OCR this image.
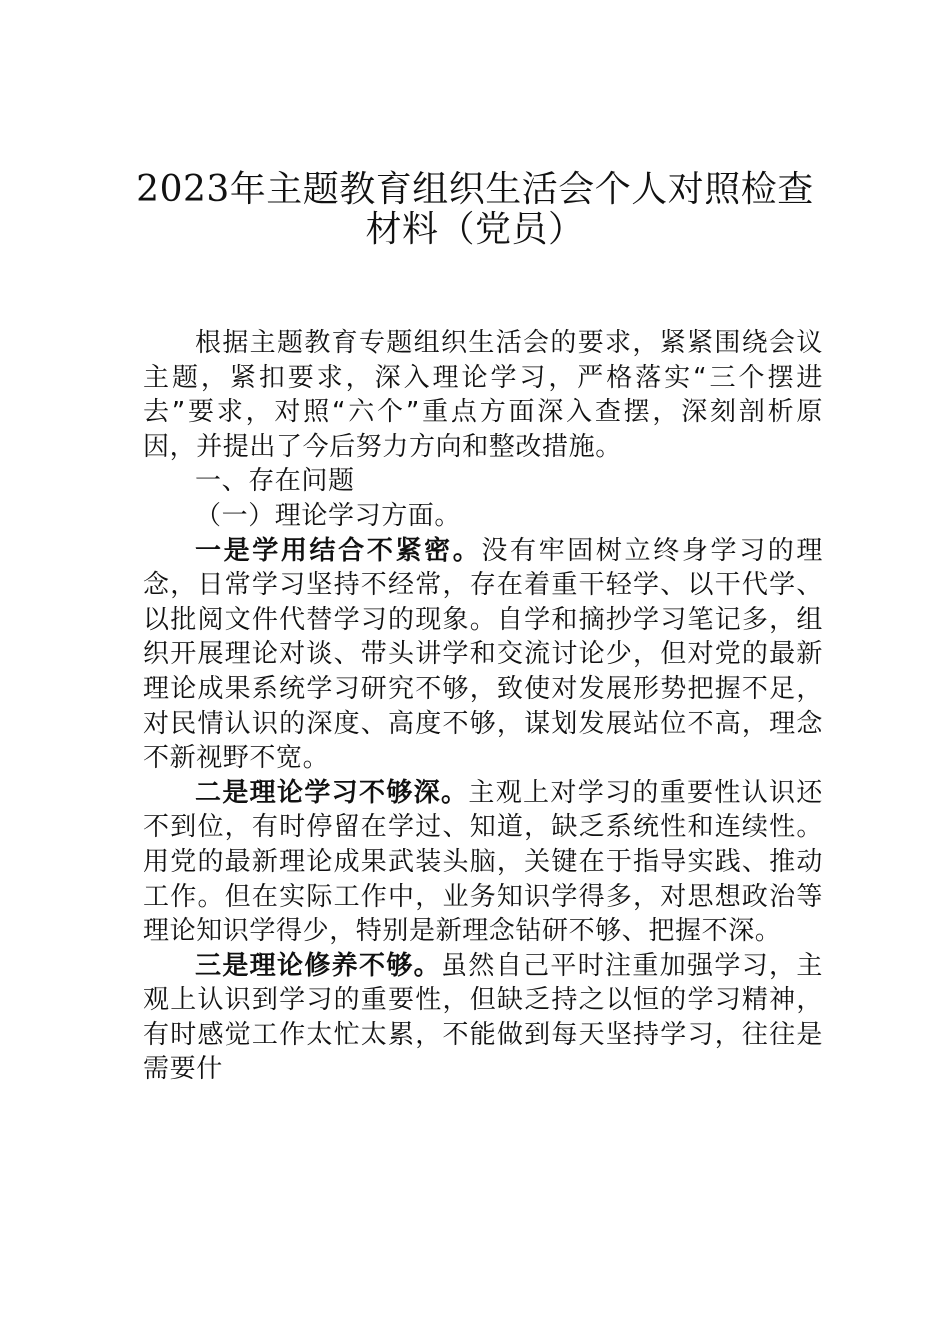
2023年主题教育组织生活会个人对照检查
材料（党员）

根据主题教育专题组织生活会的要求，紧紧围绕会议主题，紧扣要求，深入理论学习，严格落实“三个摆进去”要求，对照“六个”重点方面深入查摆，深刻剖析原因，并提出了今后努力方向和整改措施。

一、存在问题

（一）理论学习方面。

一是学用结合不紧密。没有牢固树立终身学习的理念，日常学习坚持不经常，存在着重干轻学、以干代学、以批阅文件代替学习的现象。自学和摘抄学习笔记多，组织开展理论对谈、带头讲学和交流讨论少，但对党的最新理论成果系统学习研究不够，致使对发展形势把握不足，对民情认识的深度、高度不够，谋划发展站位不高，理念不新视野不宽。

二是理论学习不够深。主观上对学习的重要性认识还不到位，有时停留在学过、知道，缺乏系统性和连续性。用党的最新理论成果武装头脑，关键在于指导实践、推动工作。但在实际工作中，业务知识学得多，对思想政治等理论知识学得少，特别是新理念钻研不够、把握不深。

三是理论修养不够。虽然自己平时注重加强学习，主观上认识到学习的重要性，但缺乏持之以恒的学习精神，有时感觉工作太忙太累，不能做到每天坚持学习，往往是需要什
